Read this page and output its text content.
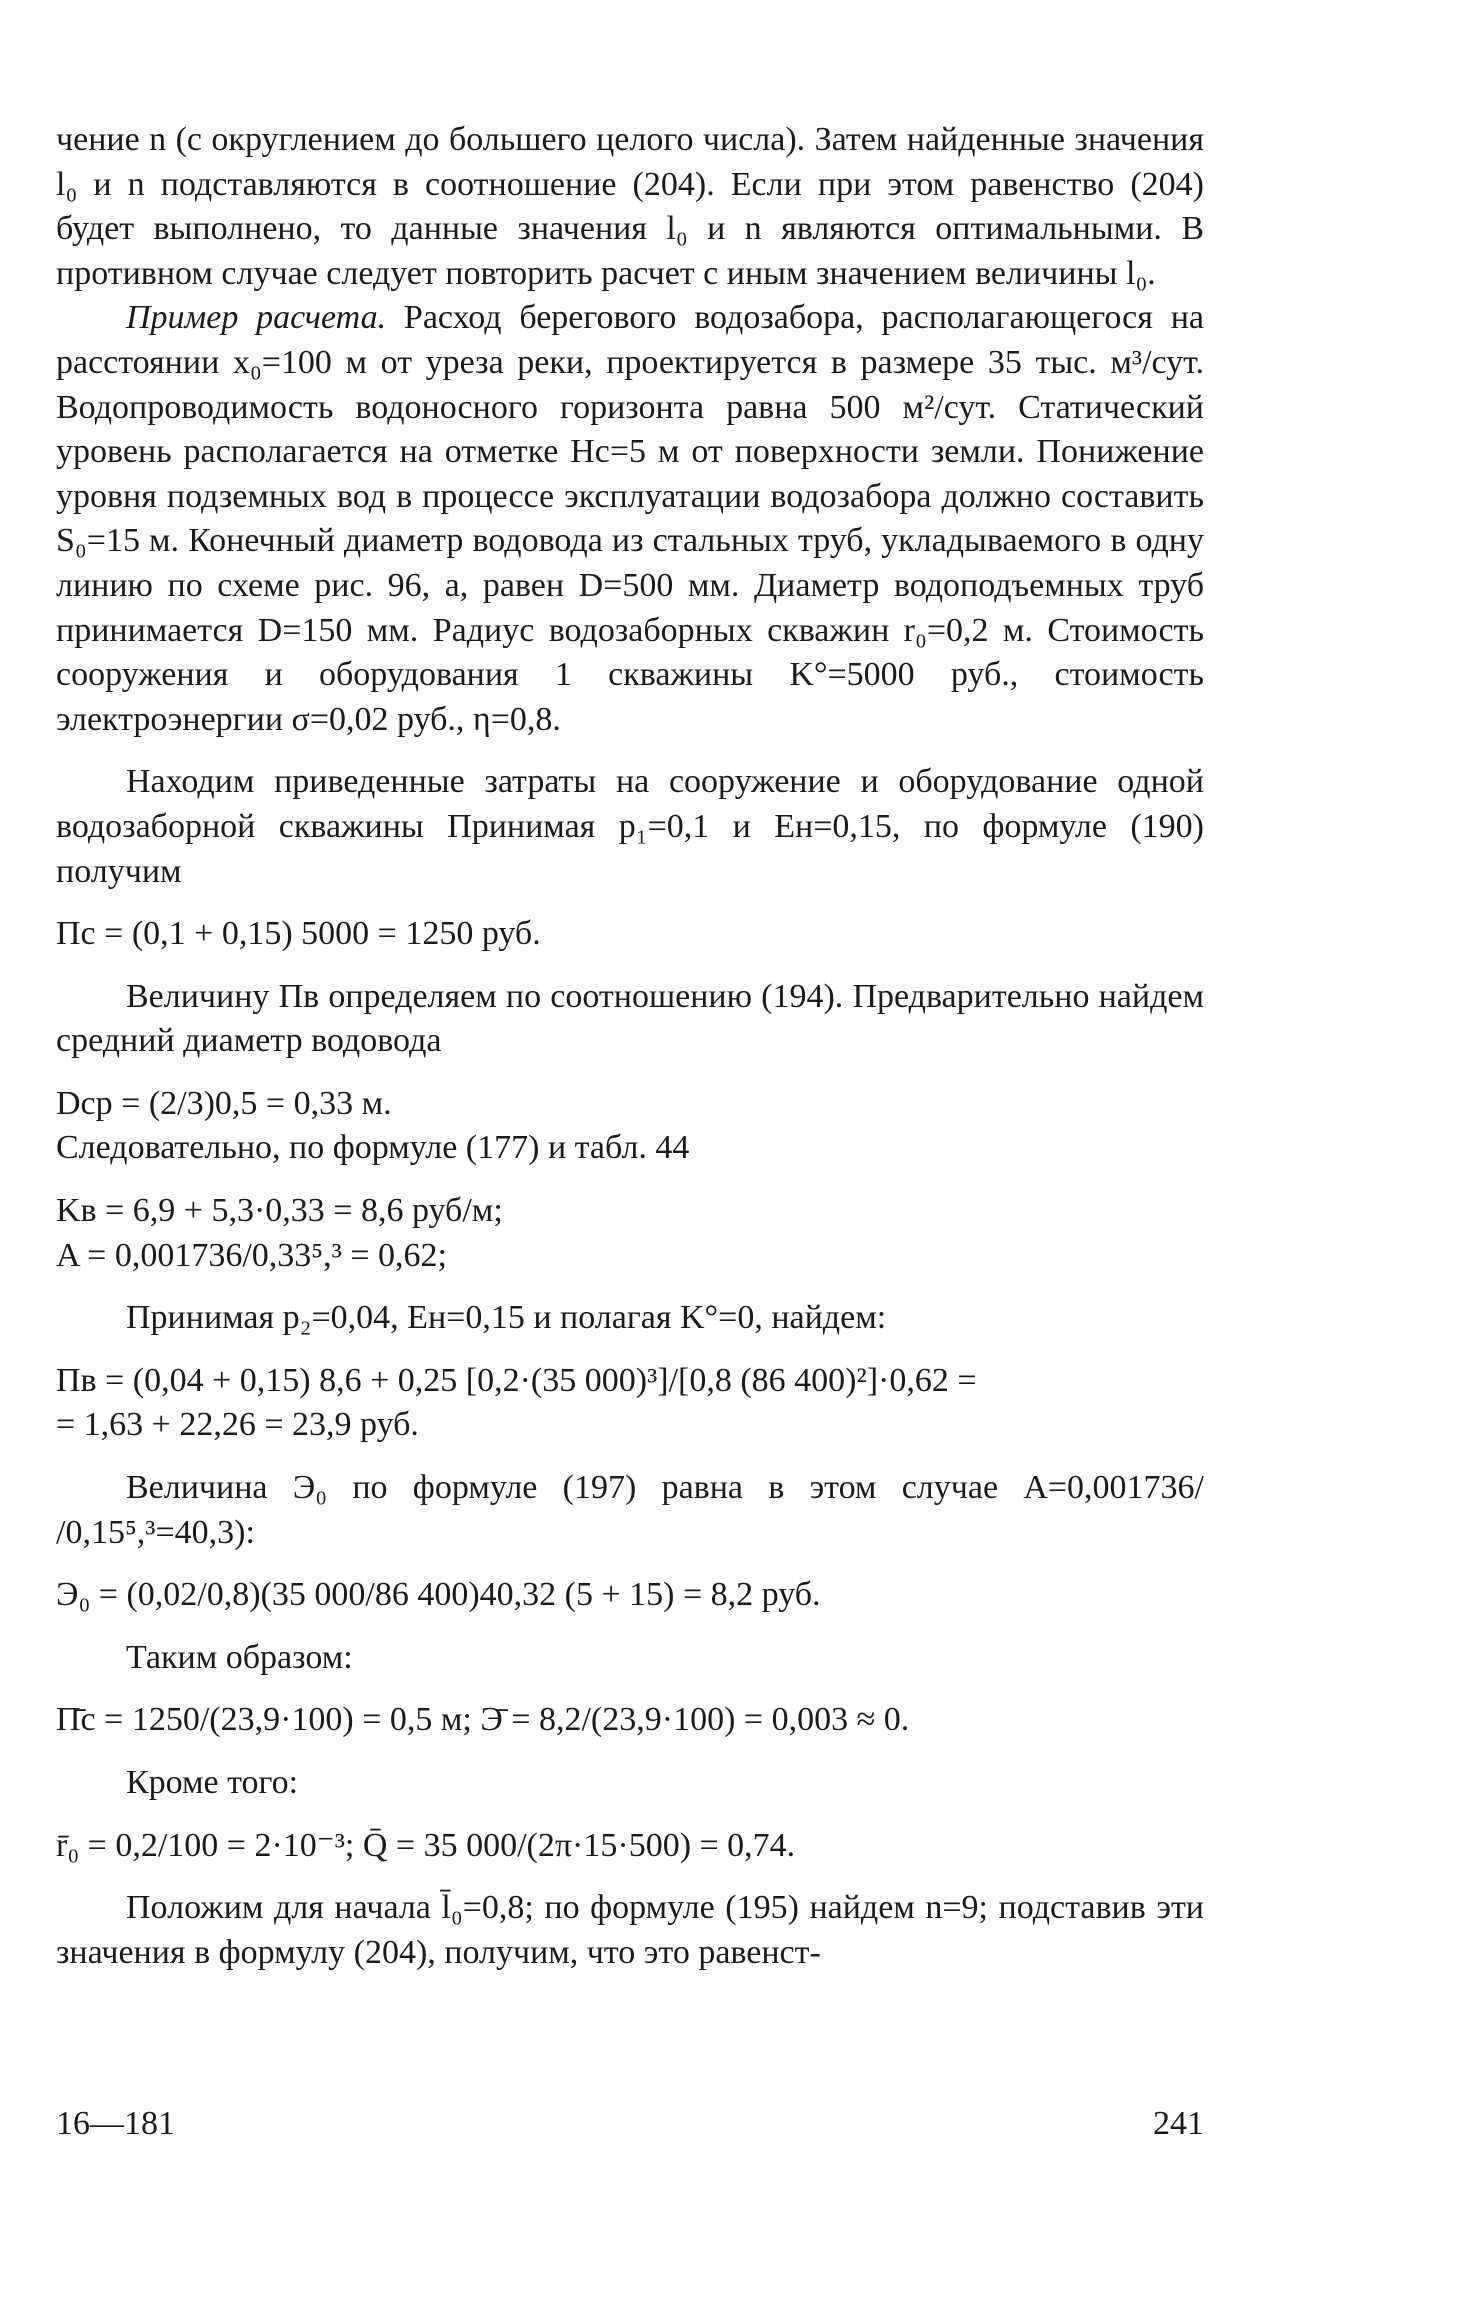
чение n (с округлением до большего целого числа). Затем найденные значения l₀ и n подставляются в соотношение (204). Если при этом равенство (204) будет выполнено, то данные значения l₀ и n являются оптимальными. В противном случае следует повторить расчет с иным значением величины l₀.

Пример расчета. Расход берегового водозабора, располагающегося на расстоянии x₀=100 м от уреза реки, проектируется в размере 35 тыс. м³/сут. Водопроводимость водоносного горизонта равна 500 м²/сут. Статический уровень располагается на отметке Hс=5 м от поверхности земли. Понижение уровня подземных вод в процессе эксплуатации водозабора должно составить S₀=15 м. Конечный диаметр водовода из стальных труб, укладываемого в одну линию по схеме рис. 96, a, равен D=500 мм. Диаметр водоподъемных труб принимается D=150 мм. Радиус водозаборных скважин r₀=0,2 м. Стоимость сооружения и оборудования 1 скважины K°=5000 руб., стоимость электроэнергии σ=0,02 руб., η=0,8.

Находим приведенные затраты на сооружение и оборудование одной водозаборной скважины Принимая p₁=0,1 и Eн=0,15, по формуле (190) получим

Пс = (0,1 + 0,15) 5000 = 1250 руб.

Величину Пв определяем по соотношению (194). Предварительно найдем средний диаметр водовода

Dср = (2/3)0,5 = 0,33 м.

Следовательно, по формуле (177) и табл. 44

Kв = 6,9 + 5,3·0,33 = 8,6 руб/м;

A = 0,001736/0,33⁵,³ = 0,62;

Принимая p₂=0,04, Eн=0,15 и полагая K°=0, найдем:

Пв = (0,04 + 0,15) 8,6 + 0,25 [0,2·(35 000)³]/[0,8 (86 400)²]·0,62 =

= 1,63 + 22,26 = 23,9 руб.

Величина Э₀ по формуле (197) равна в этом случае A=0,001736/ /0,15⁵,³=40,3):

Э₀ = (0,02/0,8)(35 000/86 400)40,32 (5 + 15) = 8,2 руб.

Таким образом:

П̄с = 1250/(23,9·100) = 0,5 м; Э̄ = 8,2/(23,9·100) = 0,003 ≈ 0.

Кроме того:

r̄₀ = 0,2/100 = 2·10⁻³; Q̄ = 35 000/(2π·15·500) = 0,74.

Положим для начала l̄₀=0,8; по формуле (195) найдем n=9; подставив эти значения в формулу (204), получим, что это равенст-

16—181	241
